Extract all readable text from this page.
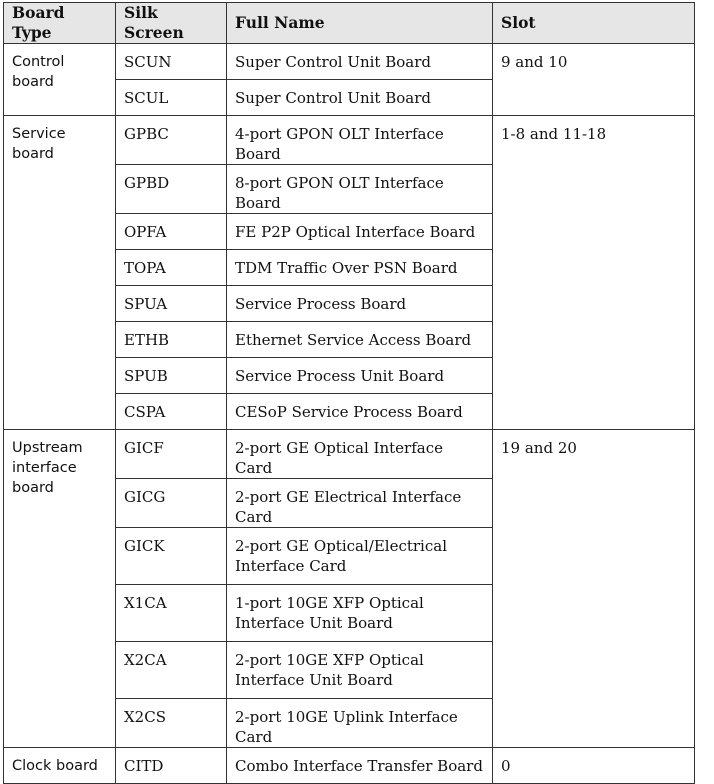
Board Type	Silk Screen	Full Name	Slot
Control board	SCUN	Super Control Unit Board	9 and 10
	SCUL	Super Control Unit Board	
Service board	GPBC	4-port GPON OLT Interface Board	1-8 and 11-18
	GPBD	8-port GPON OLT Interface Board	
	OPFA	FE P2P Optical Interface Board	
	TOPA	TDM Traffic Over PSN Board	
	SPUA	Service Process Board	
	ETHB	Ethernet Service Access Board	
	SPUB	Service Process Unit Board	
	CSPA	CESoP Service Process Board	
Upstream interface board	GICF	2-port GE Optical Interface Card	19 and 20
	GICG	2-port GE Electrical Interface Card	
	GICK	2-port GE Optical/Electrical Interface Card	
	X1CA	1-port 10GE XFP Optical Interface Unit Board	
	X2CA	2-port 10GE XFP Optical Interface Unit Board	
	X2CS	2-port 10GE Uplink Interface Card	
Clock board	CITD	Combo Interface Transfer Board	0
